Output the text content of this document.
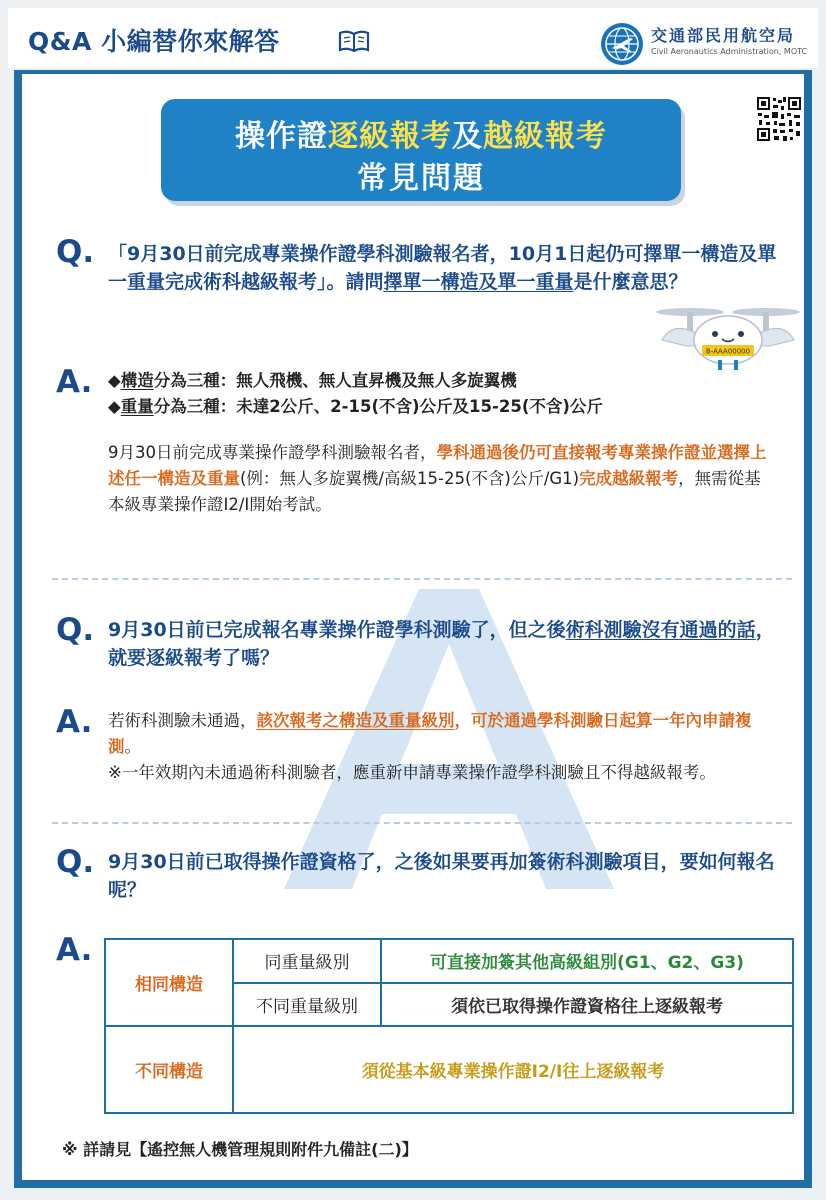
Q&A 小編替你來解答	交通部民用航空局
Civil Aeronautics Administration, MOTC
操作證逐級報考及越級報考
常見問題
B-AAA00000
Q. 「9月30日前完成專業操作證學科測驗報名者，10月1日起仍可擇單一構造及單一重量完成術科越級報考」。請問擇單一構造及單一重量是什麼意思？
A. ◆構造分為三種：無人飛機、無人直昇機及無人多旋翼機
◆重量分為三種：未達2公斤、2-15(不含)公斤及15-25(不含)公斤
9月30日前完成專業操作證學科測驗報名者，學科通過後仍可直接報考專業操作證並選擇上述任一構造及重量(例：無人多旋翼機/高級15-25(不含)公斤/G1)完成越級報考，無需從基本級專業操作證I2/I開始考試。
Q. 9月30日前已完成報名專業操作證學科測驗了，但之後術科測驗沒有通過的話，就要逐級報考了嗎？
A. 若術科測驗未通過，該次報考之構造及重量級別，可於通過學科測驗日起算一年內申請複測。
※一年效期內未通過術科測驗者，應重新申請專業操作證學科測驗且不得越級報考。
Q. 9月30日前已取得操作證資格了，之後如果要再加簽術科測驗項目，要如何報名呢？
A.
相同構造	同重量級別	可直接加簽其他高級組別(G1、G2、G3)
	不同重量級別	須依已取得操作證資格往上逐級報考
不同構造	須從基本級專業操作證I2/I往上逐級報考	
※ 詳請見【遙控無人機管理規則附件九備註(二)】
